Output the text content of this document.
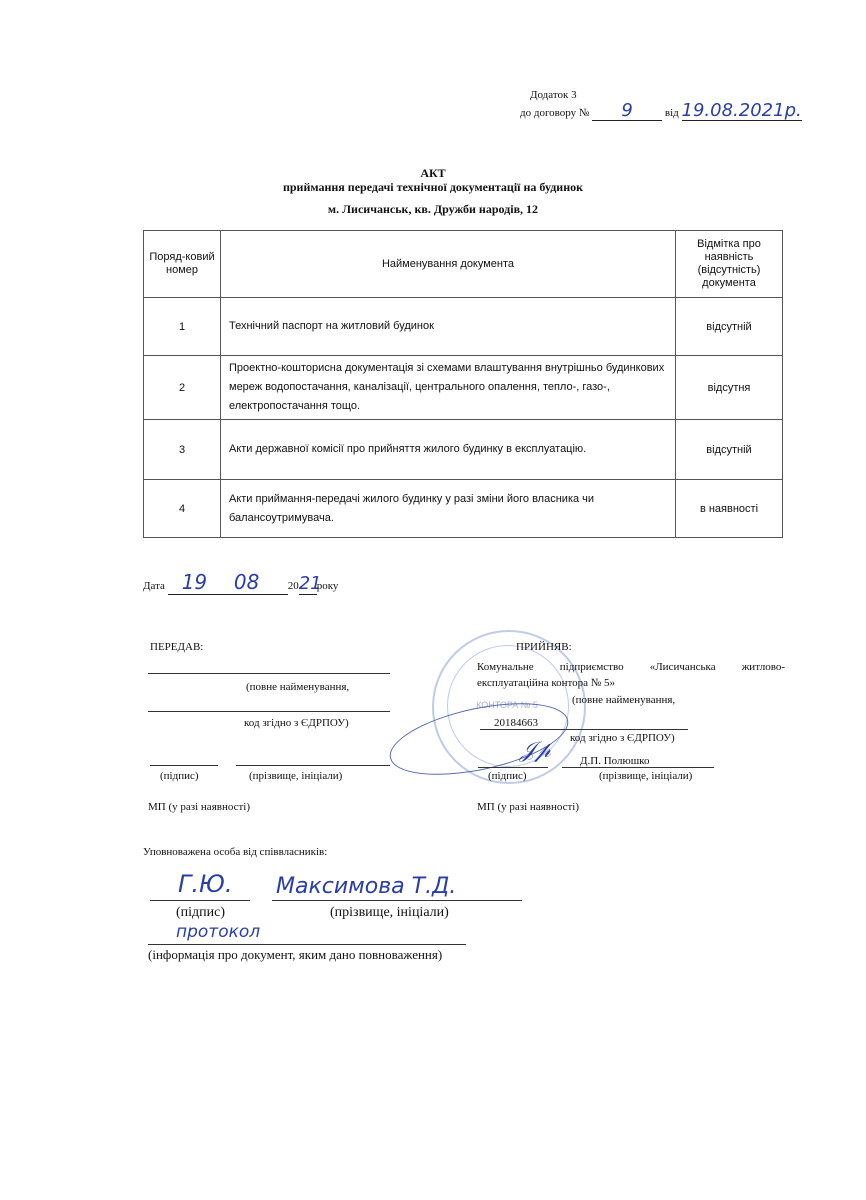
Додаток 3
до договору № 9	від 19.08.2021р.
АКТ
приймання передачі технічної документації на будинок
м. Лисичанськ, кв. Дружби народів, 12
Поряд-ковий номер	Найменування документа	Відмітка про наявність (відсутність) документа
1	Технічний паспорт на житловий будинок	відсутній
2	Проектно-кошторисна документація зі схемами влаштування внутрішньо будинкових мереж водопостачання, каналізації, центрального опалення, тепло-, газо-, електропостачання тощо.	відсутня
3	Акти державної комісії про прийняття жилого будинку в експлуатацію.	відсутній
4	Акти приймання-передачі жилого будинку у разі зміни його власника чи балансоутримувача.	в наявності
Дата 19 08	2021року
КОНТОРА № 5
ПЕРЕДАВ:
(повне найменування,
код згідно з ЄДРПОУ)
(підпис)	(прізвище, ініціали)
МП (у разі наявності)
ПРИЙНЯВ:
Комунальне підприємство «Лисичанська житлово-
експлуатаційна контора № 5»
(повне найменування,
20184663
код згідно з ЄДРПОУ)
𝒥𝓅	Д.П. Полюшко
(підпис)	(прізвище, ініціали)
МП (у разі наявності)
Уповноважена особа від співвласників:
Г.Ю. Максимова Т.Д.
(підпис)	(прізвище, ініціали)
протокол
(інформація про документ, яким дано повноваження)
